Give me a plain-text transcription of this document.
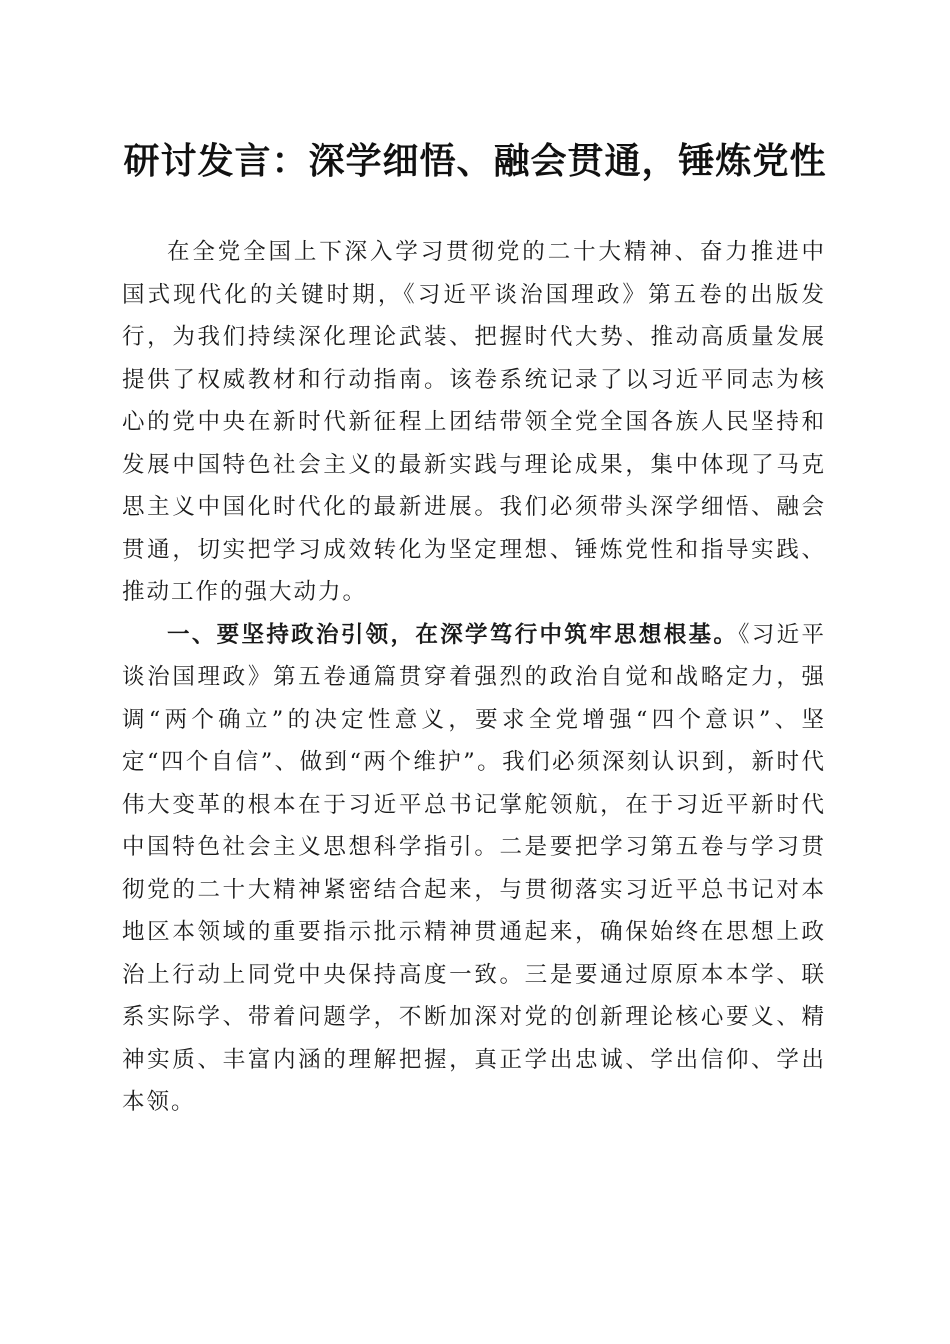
研讨发言：深学细悟、融会贯通，锤炼党性

在全党全国上下深入学习贯彻党的二十大精神、奋力推进中国式现代化的关键时期，《习近平谈治国理政》第五卷的出版发行，为我们持续深化理论武装、把握时代大势、推动高质量发展提供了权威教材和行动指南。该卷系统记录了以习近平同志为核心的党中央在新时代新征程上团结带领全党全国各族人民坚持和发展中国特色社会主义的最新实践与理论成果，集中体现了马克思主义中国化时代化的最新进展。我们必须带头深学细悟、融会贯通，切实把学习成效转化为坚定理想、锤炼党性和指导实践、推动工作的强大动力。

一、要坚持政治引领，在深学笃行中筑牢思想根基。《习近平谈治国理政》第五卷通篇贯穿着强烈的政治自觉和战略定力，强调“两个确立”的决定性意义，要求全党增强“四个意识”、坚定“四个自信”、做到“两个维护”。我们必须深刻认识到，新时代伟大变革的根本在于习近平总书记掌舵领航，在于习近平新时代中国特色社会主义思想科学指引。二是要把学习第五卷与学习贯彻党的二十大精神紧密结合起来，与贯彻落实习近平总书记对本地区本领域的重要指示批示精神贯通起来，确保始终在思想上政治上行动上同党中央保持高度一致。三是要通过原原本本学、联系实际学、带着问题学，不断加深对党的创新理论核心要义、精神实质、丰富内涵的理解把握，真正学出忠诚、学出信仰、学出本领。
